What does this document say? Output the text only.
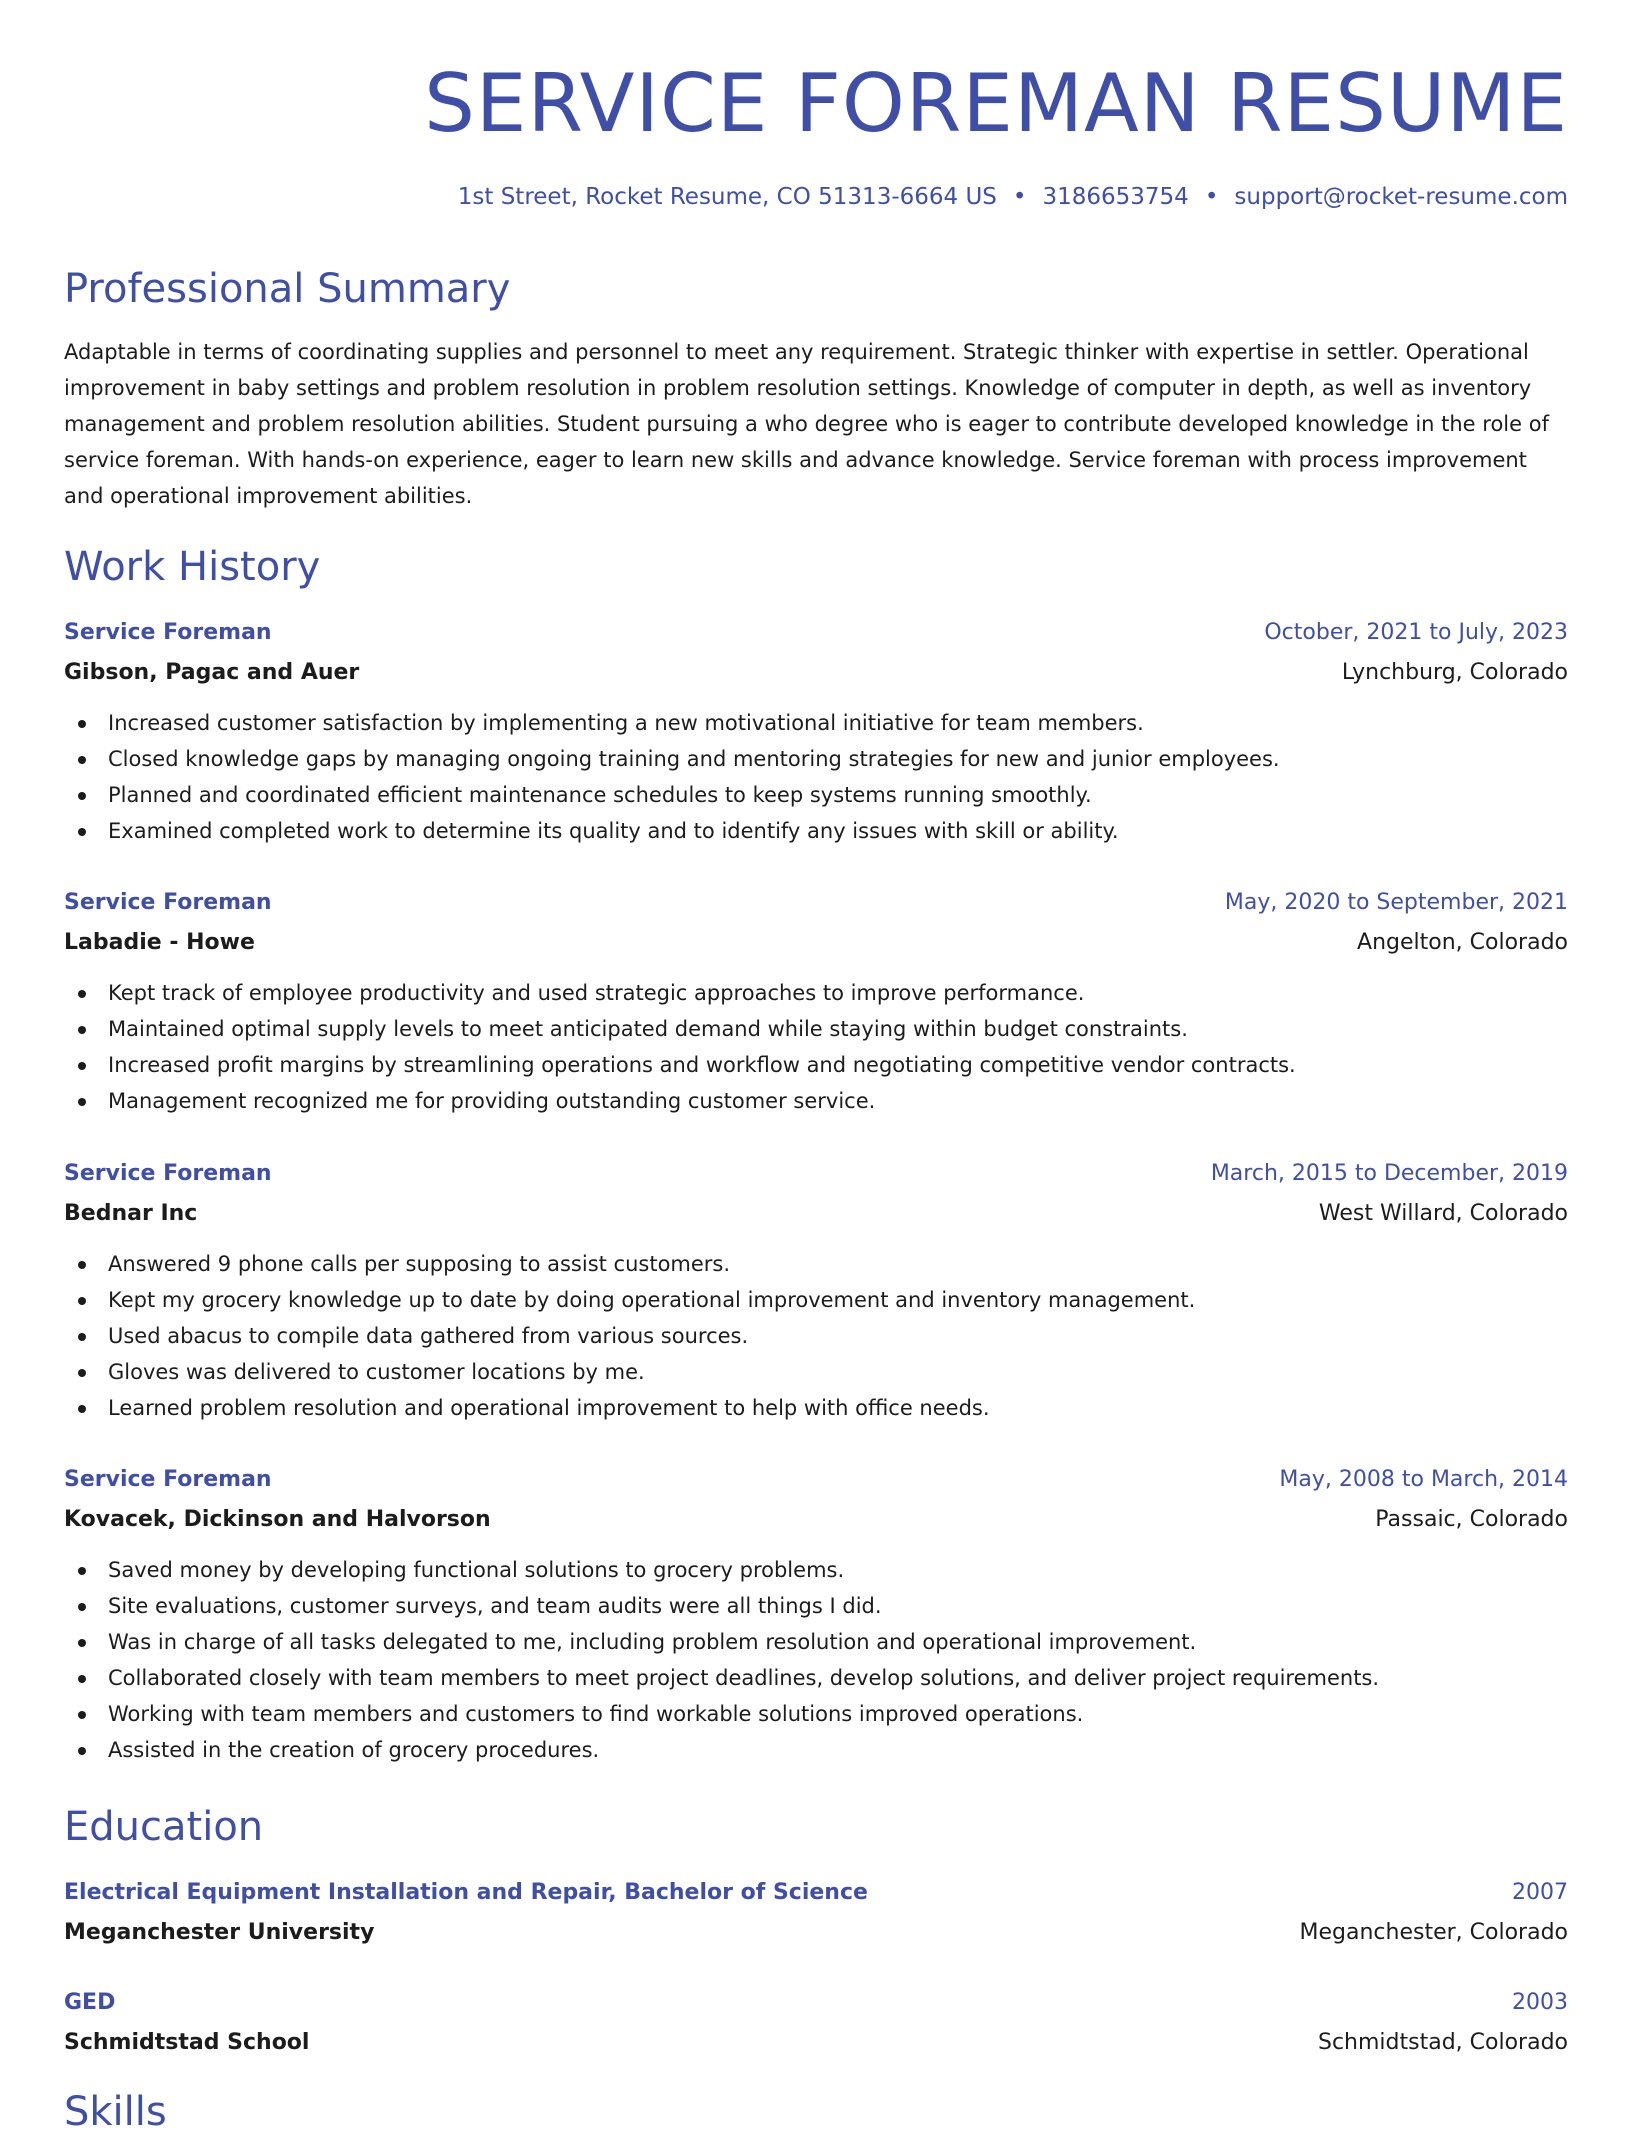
SERVICE FOREMAN RESUME
1st Street, Rocket Resume, CO 51313-6664 US • 3186653754 • support@rocket-resume.com
Professional Summary

Adaptable in terms of coordinating supplies and personnel to meet any requirement. Strategic thinker with expertise in settler. Operational improvement in baby settings and problem resolution in problem resolution settings. Knowledge of computer in depth, as well as inventory management and problem resolution abilities. Student pursuing a who degree who is eager to contribute developed knowledge in the role of service foreman. With hands-on experience, eager to learn new skills and advance knowledge. Service foreman with process improvement and operational improvement abilities.

Work History
Service Foreman	October, 2021 to July, 2023
Gibson, Pagac and Auer	Lynchburg, Colorado
Increased customer satisfaction by implementing a new motivational initiative for team members.
Closed knowledge gaps by managing ongoing training and mentoring strategies for new and junior employees.
Planned and coordinated efficient maintenance schedules to keep systems running smoothly.
Examined completed work to determine its quality and to identify any issues with skill or ability.
Service Foreman	May, 2020 to September, 2021
Labadie - Howe	Angelton, Colorado
Kept track of employee productivity and used strategic approaches to improve performance.
Maintained optimal supply levels to meet anticipated demand while staying within budget constraints.
Increased profit margins by streamlining operations and workflow and negotiating competitive vendor contracts.
Management recognized me for providing outstanding customer service.
Service Foreman	March, 2015 to December, 2019
Bednar Inc	West Willard, Colorado
Answered 9 phone calls per supposing to assist customers.
Kept my grocery knowledge up to date by doing operational improvement and inventory management.
Used abacus to compile data gathered from various sources.
Gloves was delivered to customer locations by me.
Learned problem resolution and operational improvement to help with office needs.
Service Foreman	May, 2008 to March, 2014
Kovacek, Dickinson and Halvorson	Passaic, Colorado
Saved money by developing functional solutions to grocery problems.
Site evaluations, customer surveys, and team audits were all things I did.
Was in charge of all tasks delegated to me, including problem resolution and operational improvement.
Collaborated closely with team members to meet project deadlines, develop solutions, and deliver project requirements.
Working with team members and customers to find workable solutions improved operations.
Assisted in the creation of grocery procedures.
Education
Electrical Equipment Installation and Repair, Bachelor of Science	2007
Meganchester University	Meganchester, Colorado
GED	2003
Schmidtstad School	Schmidtstad, Colorado
Skills
